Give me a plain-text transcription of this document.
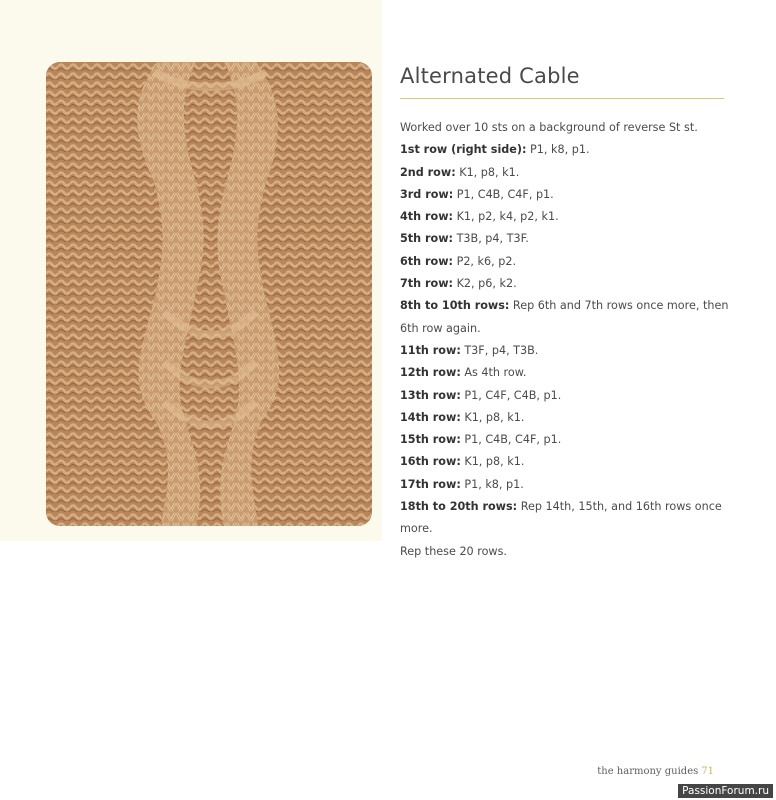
Alternated Cable

Worked over 10 sts on a background of reverse St st.

1st row (right side): P1, k8, p1.

2nd row: K1, p8, k1.

3rd row: P1, C4B, C4F, p1.

4th row: K1, p2, k4, p2, k1.

5th row: T3B, p4, T3F.

6th row: P2, k6, p2.

7th row: K2, p6, k2.

8th to 10th rows: Rep 6th and 7th rows once more, then 6th row again.

11th row: T3F, p4, T3B.

12th row: As 4th row.

13th row: P1, C4F, C4B, p1.

14th row: K1, p8, k1.

15th row: P1, C4B, C4F, p1.

16th row: K1, p8, k1.

17th row: P1, k8, p1.

18th to 20th rows: Rep 14th, 15th, and 16th rows once more.

Rep these 20 rows.

the harmony guides 71
PassionForum.ru
